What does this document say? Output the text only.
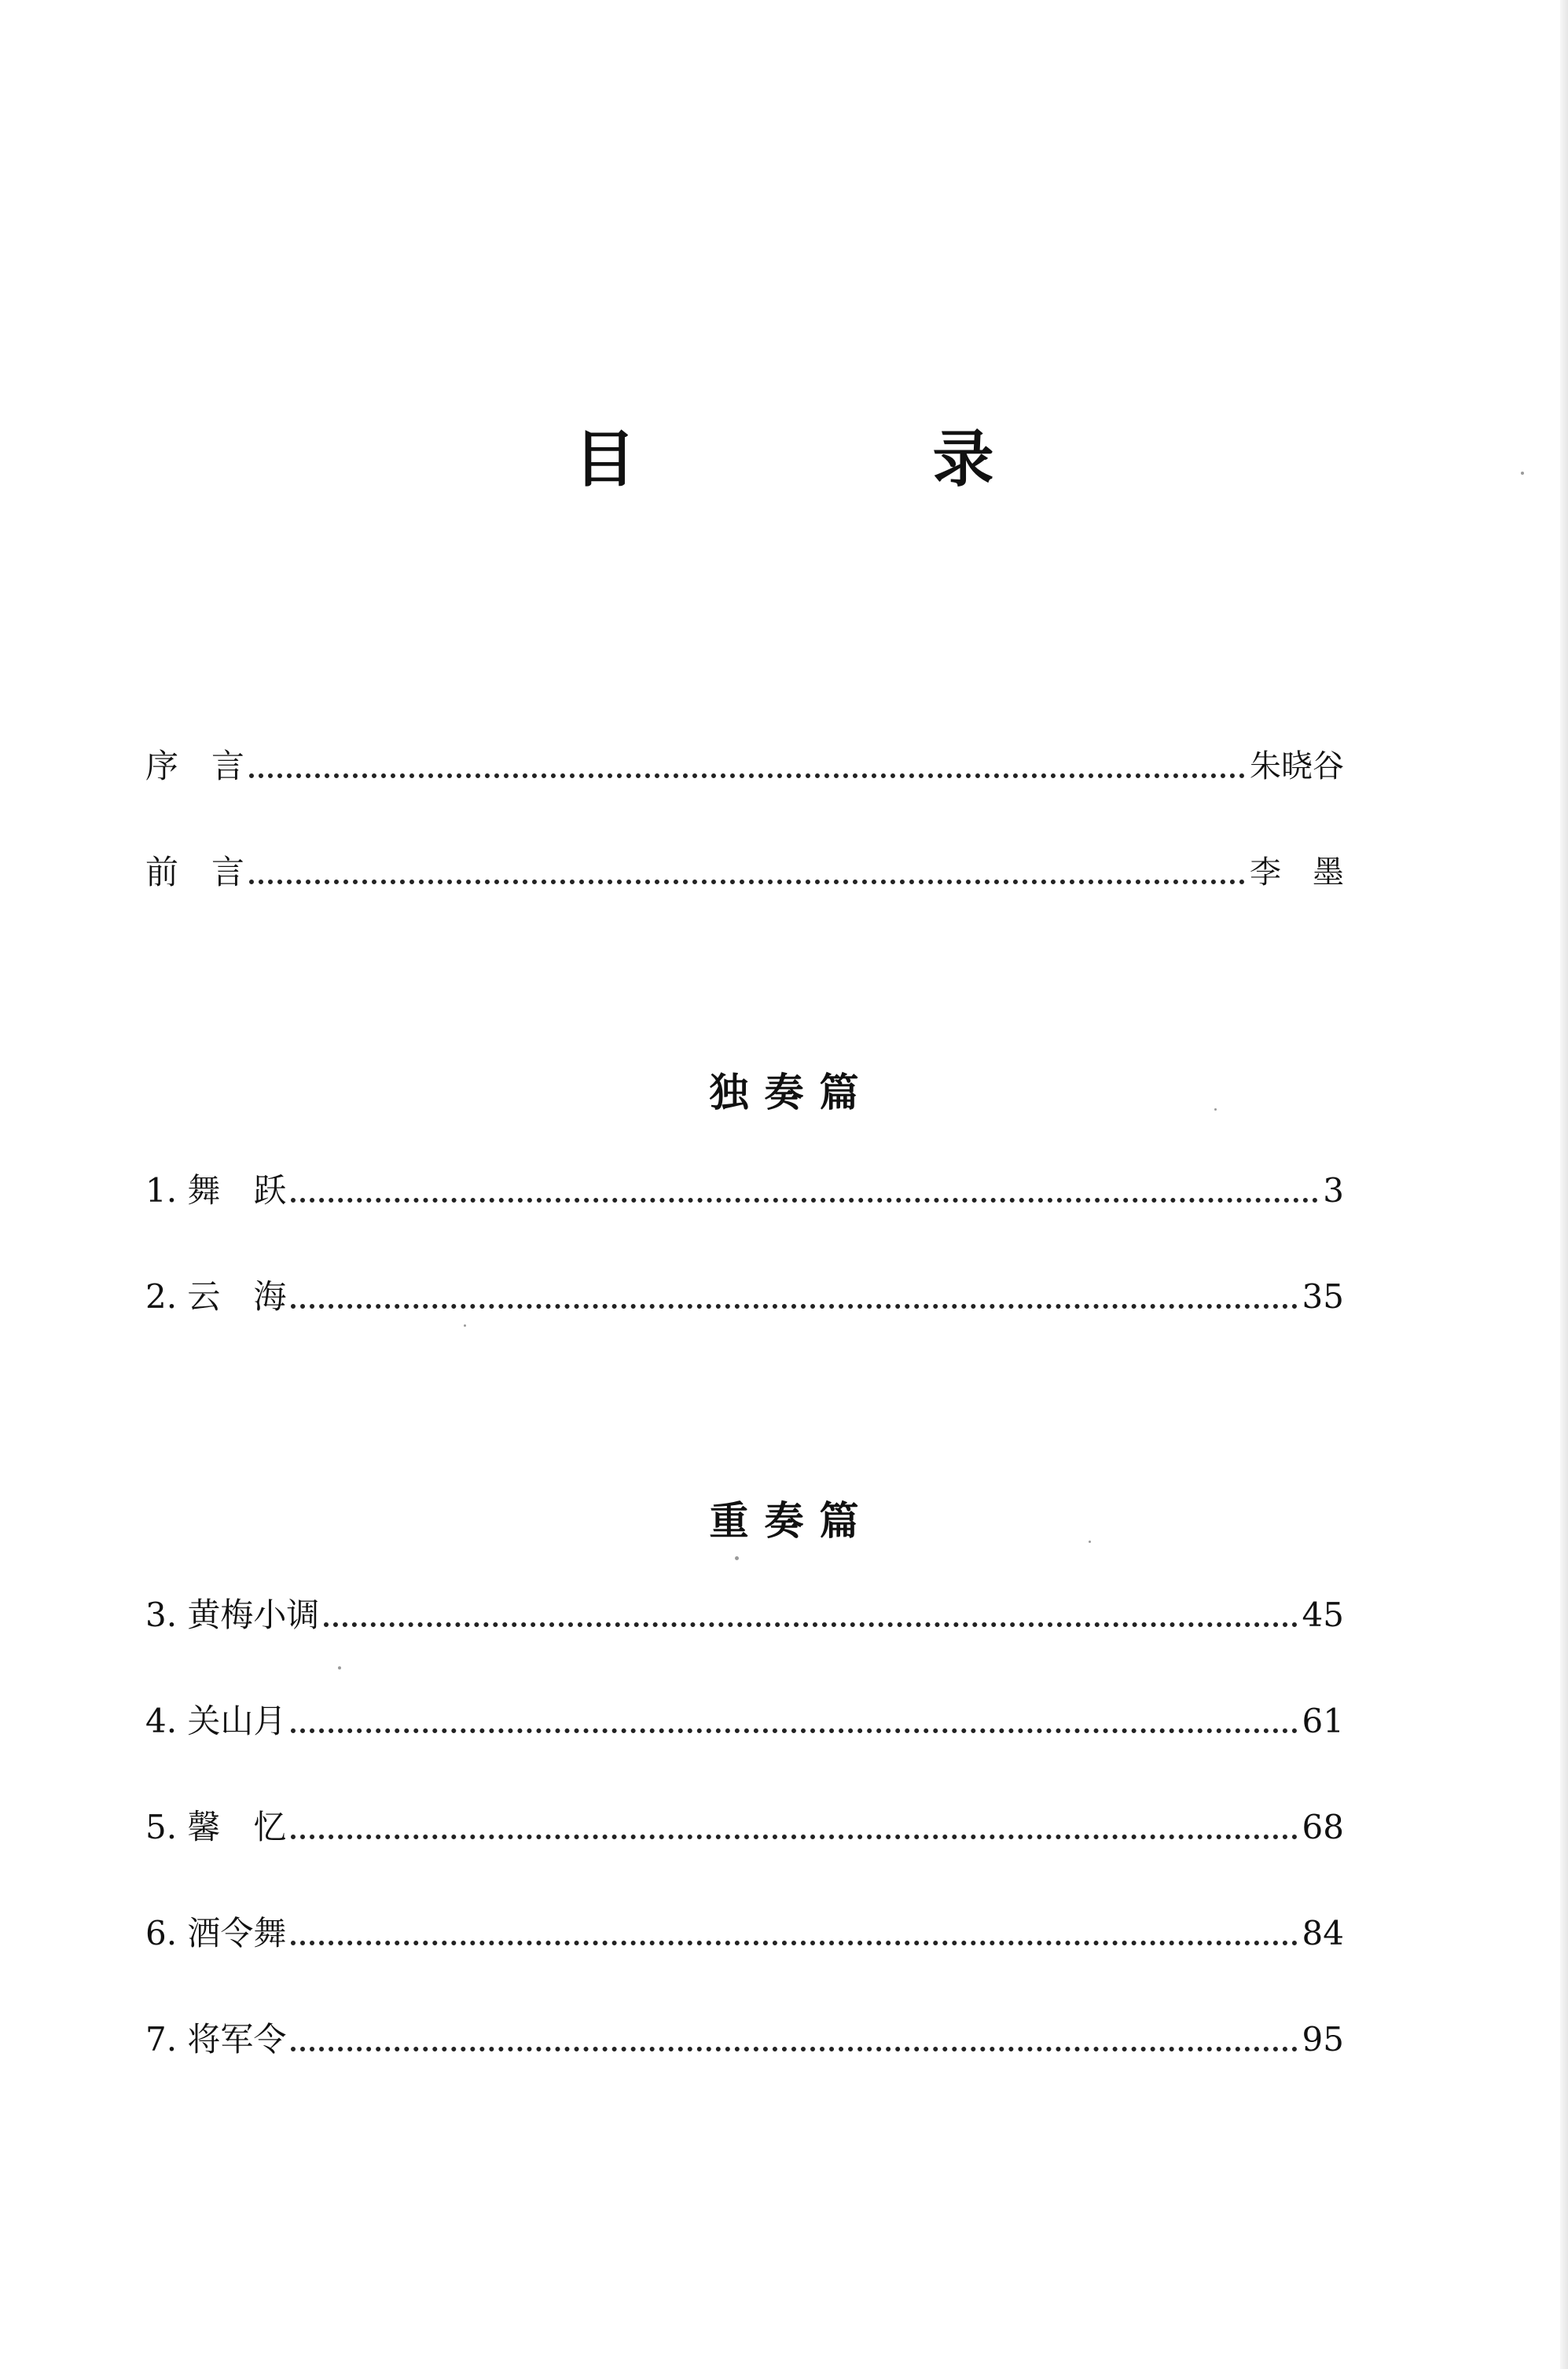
目　录
序　言	朱晓谷
前　言	李　墨
独奏篇
1. 舞　跃	3
2. 云　海	35
重奏篇
3. 黄梅小调	45
4. 关山月	61
5. 馨　忆	68
6. 酒令舞	84
7. 将军令	95
